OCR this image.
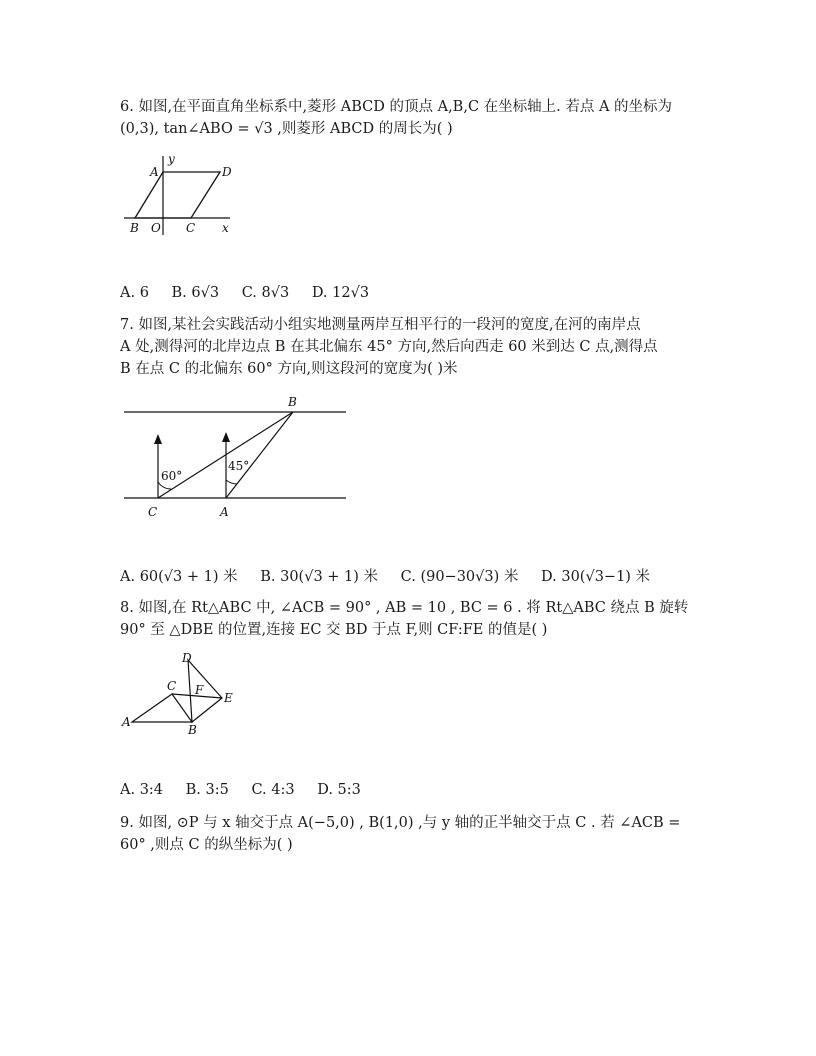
6. 如图,在平面直角坐标系中,菱形 ABCD 的顶点 A,B,C 在坐标轴上. 若点 A 的坐标为
(0,3), tan∠ABO = √3 ,则菱形 ABCD 的周长为( )
y
A	D
B O C x
A. 6 B. 6√3 C. 8√3 D. 12√3
7. 如图,某社会实践活动小组实地测量两岸互相平行的一段河的宽度,在河的南岸点
A 处,测得河的北岸边点 B 在其北偏东 45° 方向,然后向西走 60 米到达 C 点,测得点
B 在点 C 的北偏东 60° 方向,则这段河的宽度为( )米
B
C	A
60°
45°
A. 60(√3 + 1) 米 B. 30(√3 + 1) 米 C. (90−30√3) 米 D. 30(√3−1) 米
8. 如图,在 Rt△ABC 中, ∠ACB = 90° , AB = 10 , BC = 6 . 将 Rt△ABC 绕点 B 旋转
90° 至 △DBE 的位置,连接 EC 交 BD 于点 F,则 CF:FE 的值是( )
D
C F
E
A
B
A. 3:4 B. 3:5 C. 4:3 D. 5:3
9. 如图, ⊙P 与 x 轴交于点 A(−5,0) , B(1,0) ,与 y 轴的正半轴交于点 C . 若 ∠ACB =
60° ,则点 C 的纵坐标为( )
